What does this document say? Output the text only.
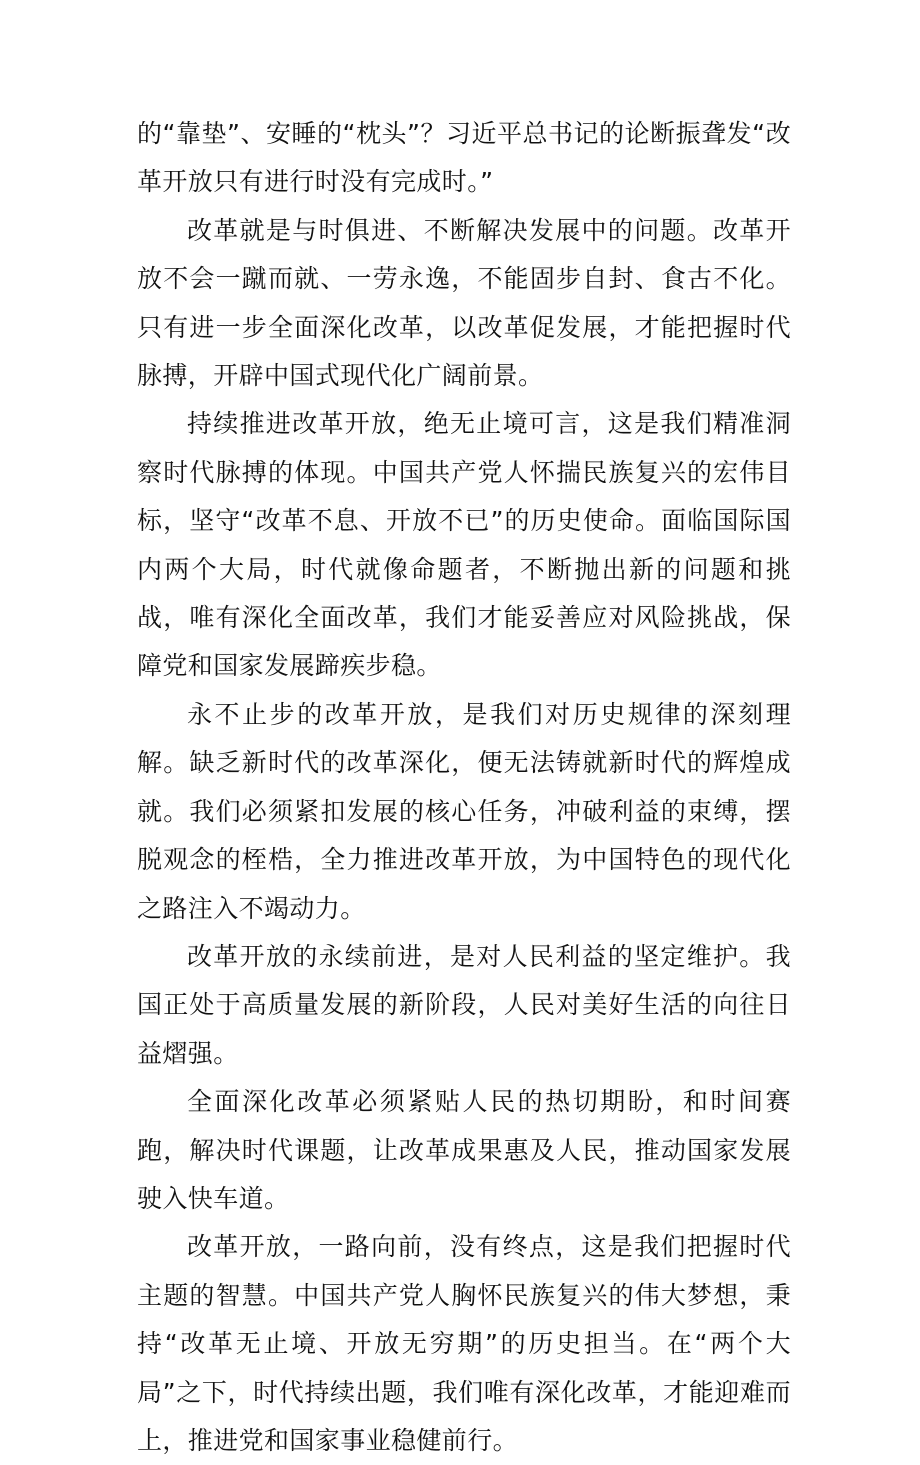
的“靠垫”、安睡的“枕头”？习近平总书记的论断振聋发“改革开放只有进行时没有完成时。”

改革就是与时俱进、不断解决发展中的问题。改革开放不会一蹴而就、一劳永逸，不能固步自封、食古不化。只有进一步全面深化改革，以改革促发展，才能把握时代脉搏，开辟中国式现代化广阔前景。

持续推进改革开放，绝无止境可言，这是我们精准洞察时代脉搏的体现。中国共产党人怀揣民族复兴的宏伟目标，坚守“改革不息、开放不已”的历史使命。面临国际国内两个大局，时代就像命题者，不断抛出新的问题和挑战，唯有深化全面改革，我们才能妥善应对风险挑战，保障党和国家发展蹄疾步稳。

永不止步的改革开放，是我们对历史规律的深刻理解。缺乏新时代的改革深化，便无法铸就新时代的辉煌成就。我们必须紧扣发展的核心任务，冲破利益的束缚，摆脱观念的桎梏，全力推进改革开放，为中国特色的现代化之路注入不竭动力。

改革开放的永续前进，是对人民利益的坚定维护。我国正处于高质量发展的新阶段，人民对美好生活的向往日益熠强。

全面深化改革必须紧贴人民的热切期盼，和时间赛跑，解决时代课题，让改革成果惠及人民，推动国家发展驶入快车道。

改革开放，一路向前，没有终点，这是我们把握时代主题的智慧。中国共产党人胸怀民族复兴的伟大梦想，秉持“改革无止境、开放无穷期”的历史担当。在“两个大局”之下，时代持续出题，我们唯有深化改革，才能迎难而上，推进党和国家事业稳健前行。
